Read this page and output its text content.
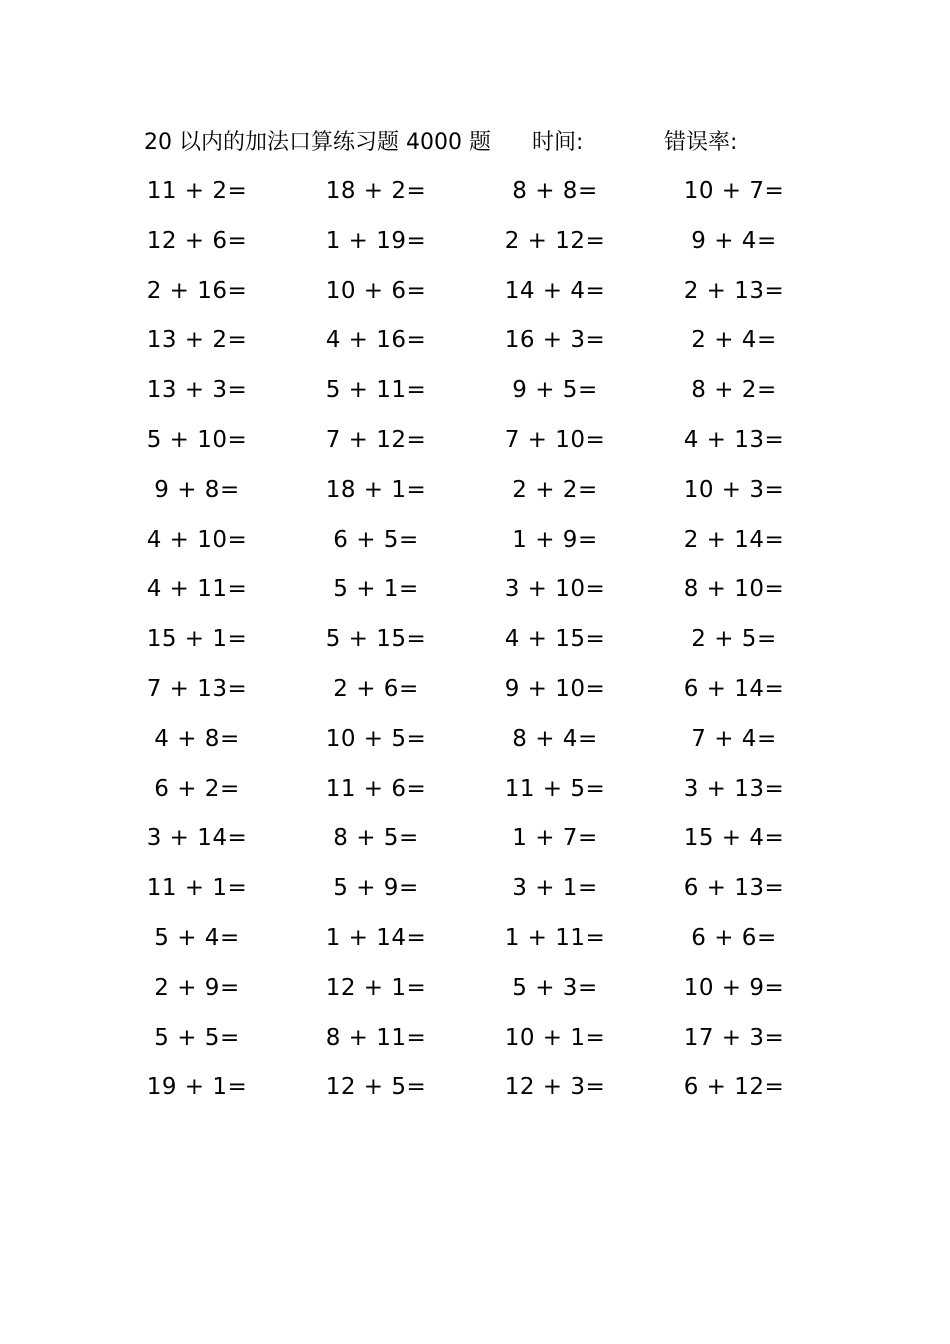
20 以内的加法口算练习题 4000 题 时间:	错误率:
11 + 2=	18 + 2=	8 + 8=	10 + 7=
12 + 6=	1 + 19=	2 + 12=	9 + 4=
2 + 16=	10 + 6=	14 + 4=	2 + 13=
13 + 2=	4 + 16=	16 + 3=	2 + 4=
13 + 3=	5 + 11=	9 + 5=	8 + 2=
5 + 10=	7 + 12=	7 + 10=	4 + 13=
9 + 8=	18 + 1=	2 + 2=	10 + 3=
4 + 10=	6 + 5=	1 + 9=	2 + 14=
4 + 11=	5 + 1=	3 + 10=	8 + 10=
15 + 1=	5 + 15=	4 + 15=	2 + 5=
7 + 13=	2 + 6=	9 + 10=	6 + 14=
4 + 8=	10 + 5=	8 + 4=	7 + 4=
6 + 2=	11 + 6=	11 + 5=	3 + 13=
3 + 14=	8 + 5=	1 + 7=	15 + 4=
11 + 1=	5 + 9=	3 + 1=	6 + 13=
5 + 4=	1 + 14=	1 + 11=	6 + 6=
2 + 9=	12 + 1=	5 + 3=	10 + 9=
5 + 5=	8 + 11=	10 + 1=	17 + 3=
19 + 1=	12 + 5=	12 + 3=	6 + 12=
